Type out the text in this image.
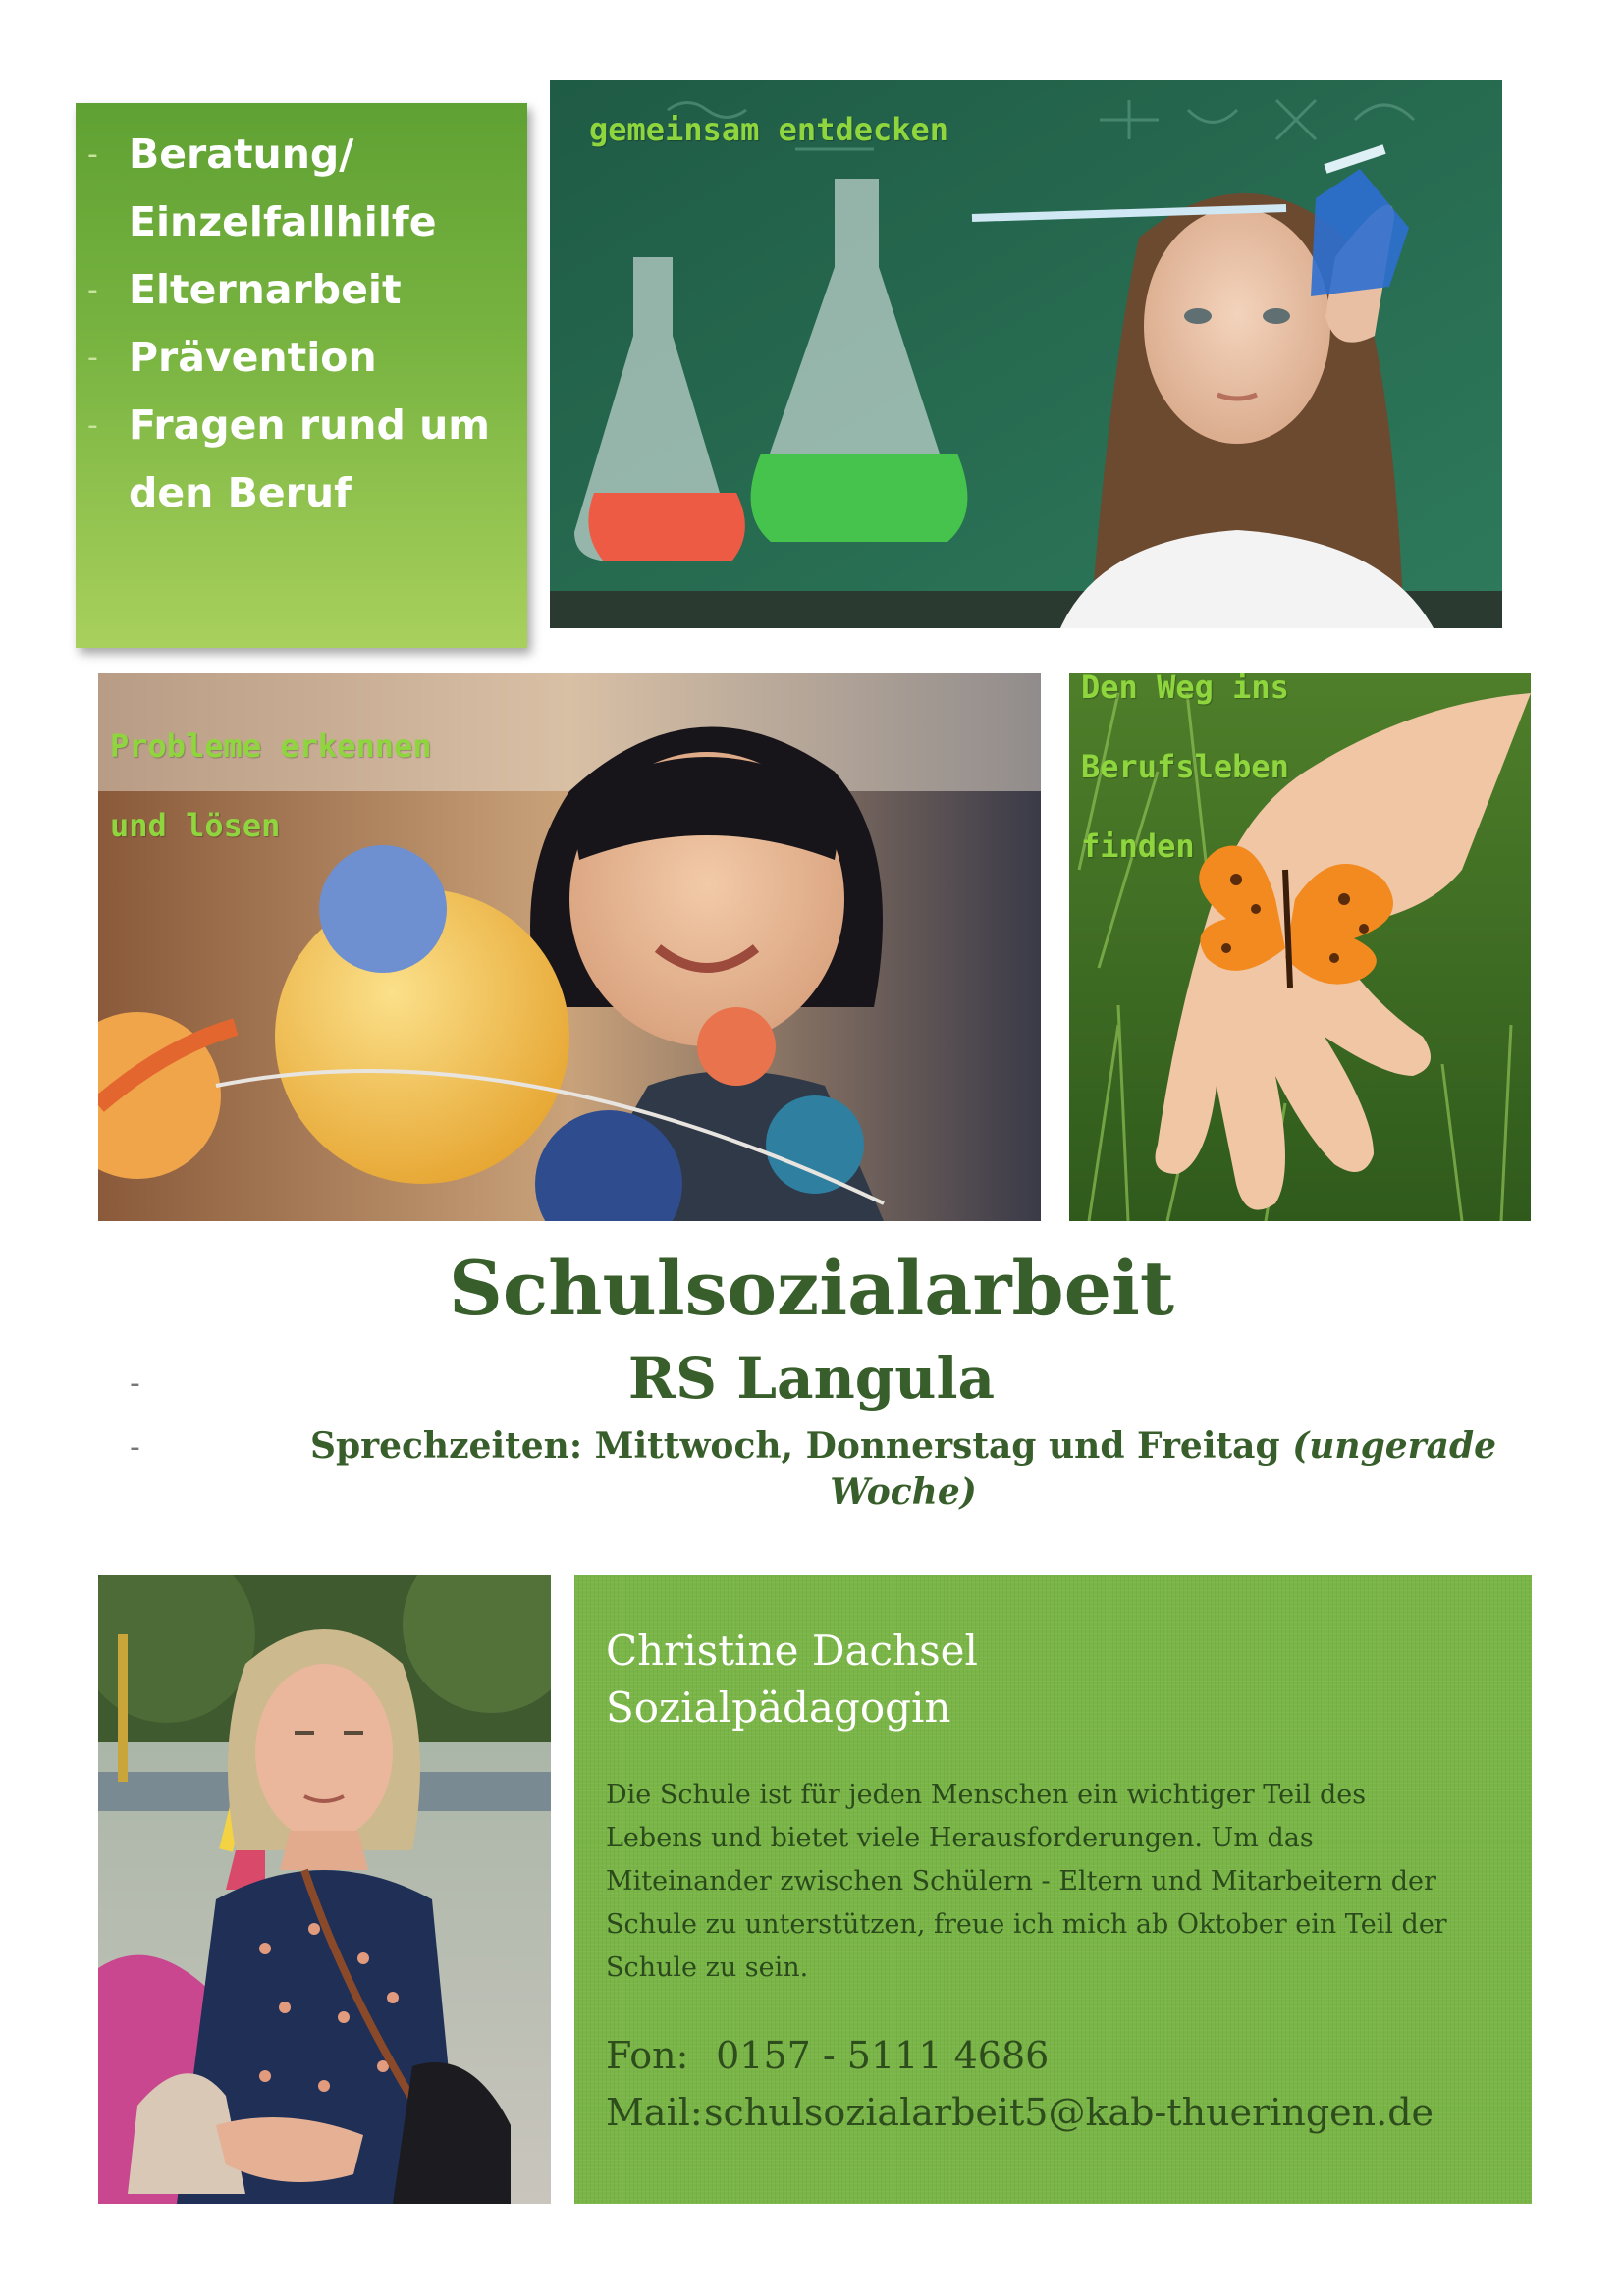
- Beratung/ Einzelfallhilfe
- Elternarbeit
- Prävention
- Fragen rund um den Beruf

gemeinsam entdecken

Probleme erkennen

und lösen

Den Weg ins

Berufsleben

finden

Schulsozialarbeit
-	RS Langula
-	Sprechzeiten: Mittwoch, Donnerstag und Freitag (ungerade Woche)

Christine Dachsel

Sozialpädagogin

Die Schule ist für jeden Menschen ein wichtiger Teil des Lebens und bietet viele Herausforderungen. Um das Miteinander zwischen Schülern - Eltern und Mitarbeitern der Schule zu unterstützen, freue ich mich ab Oktober ein Teil der Schule zu sein.

Fon: 0157 - 5111 4686

Mail:schulsozialarbeit5@kab-thueringen.de
